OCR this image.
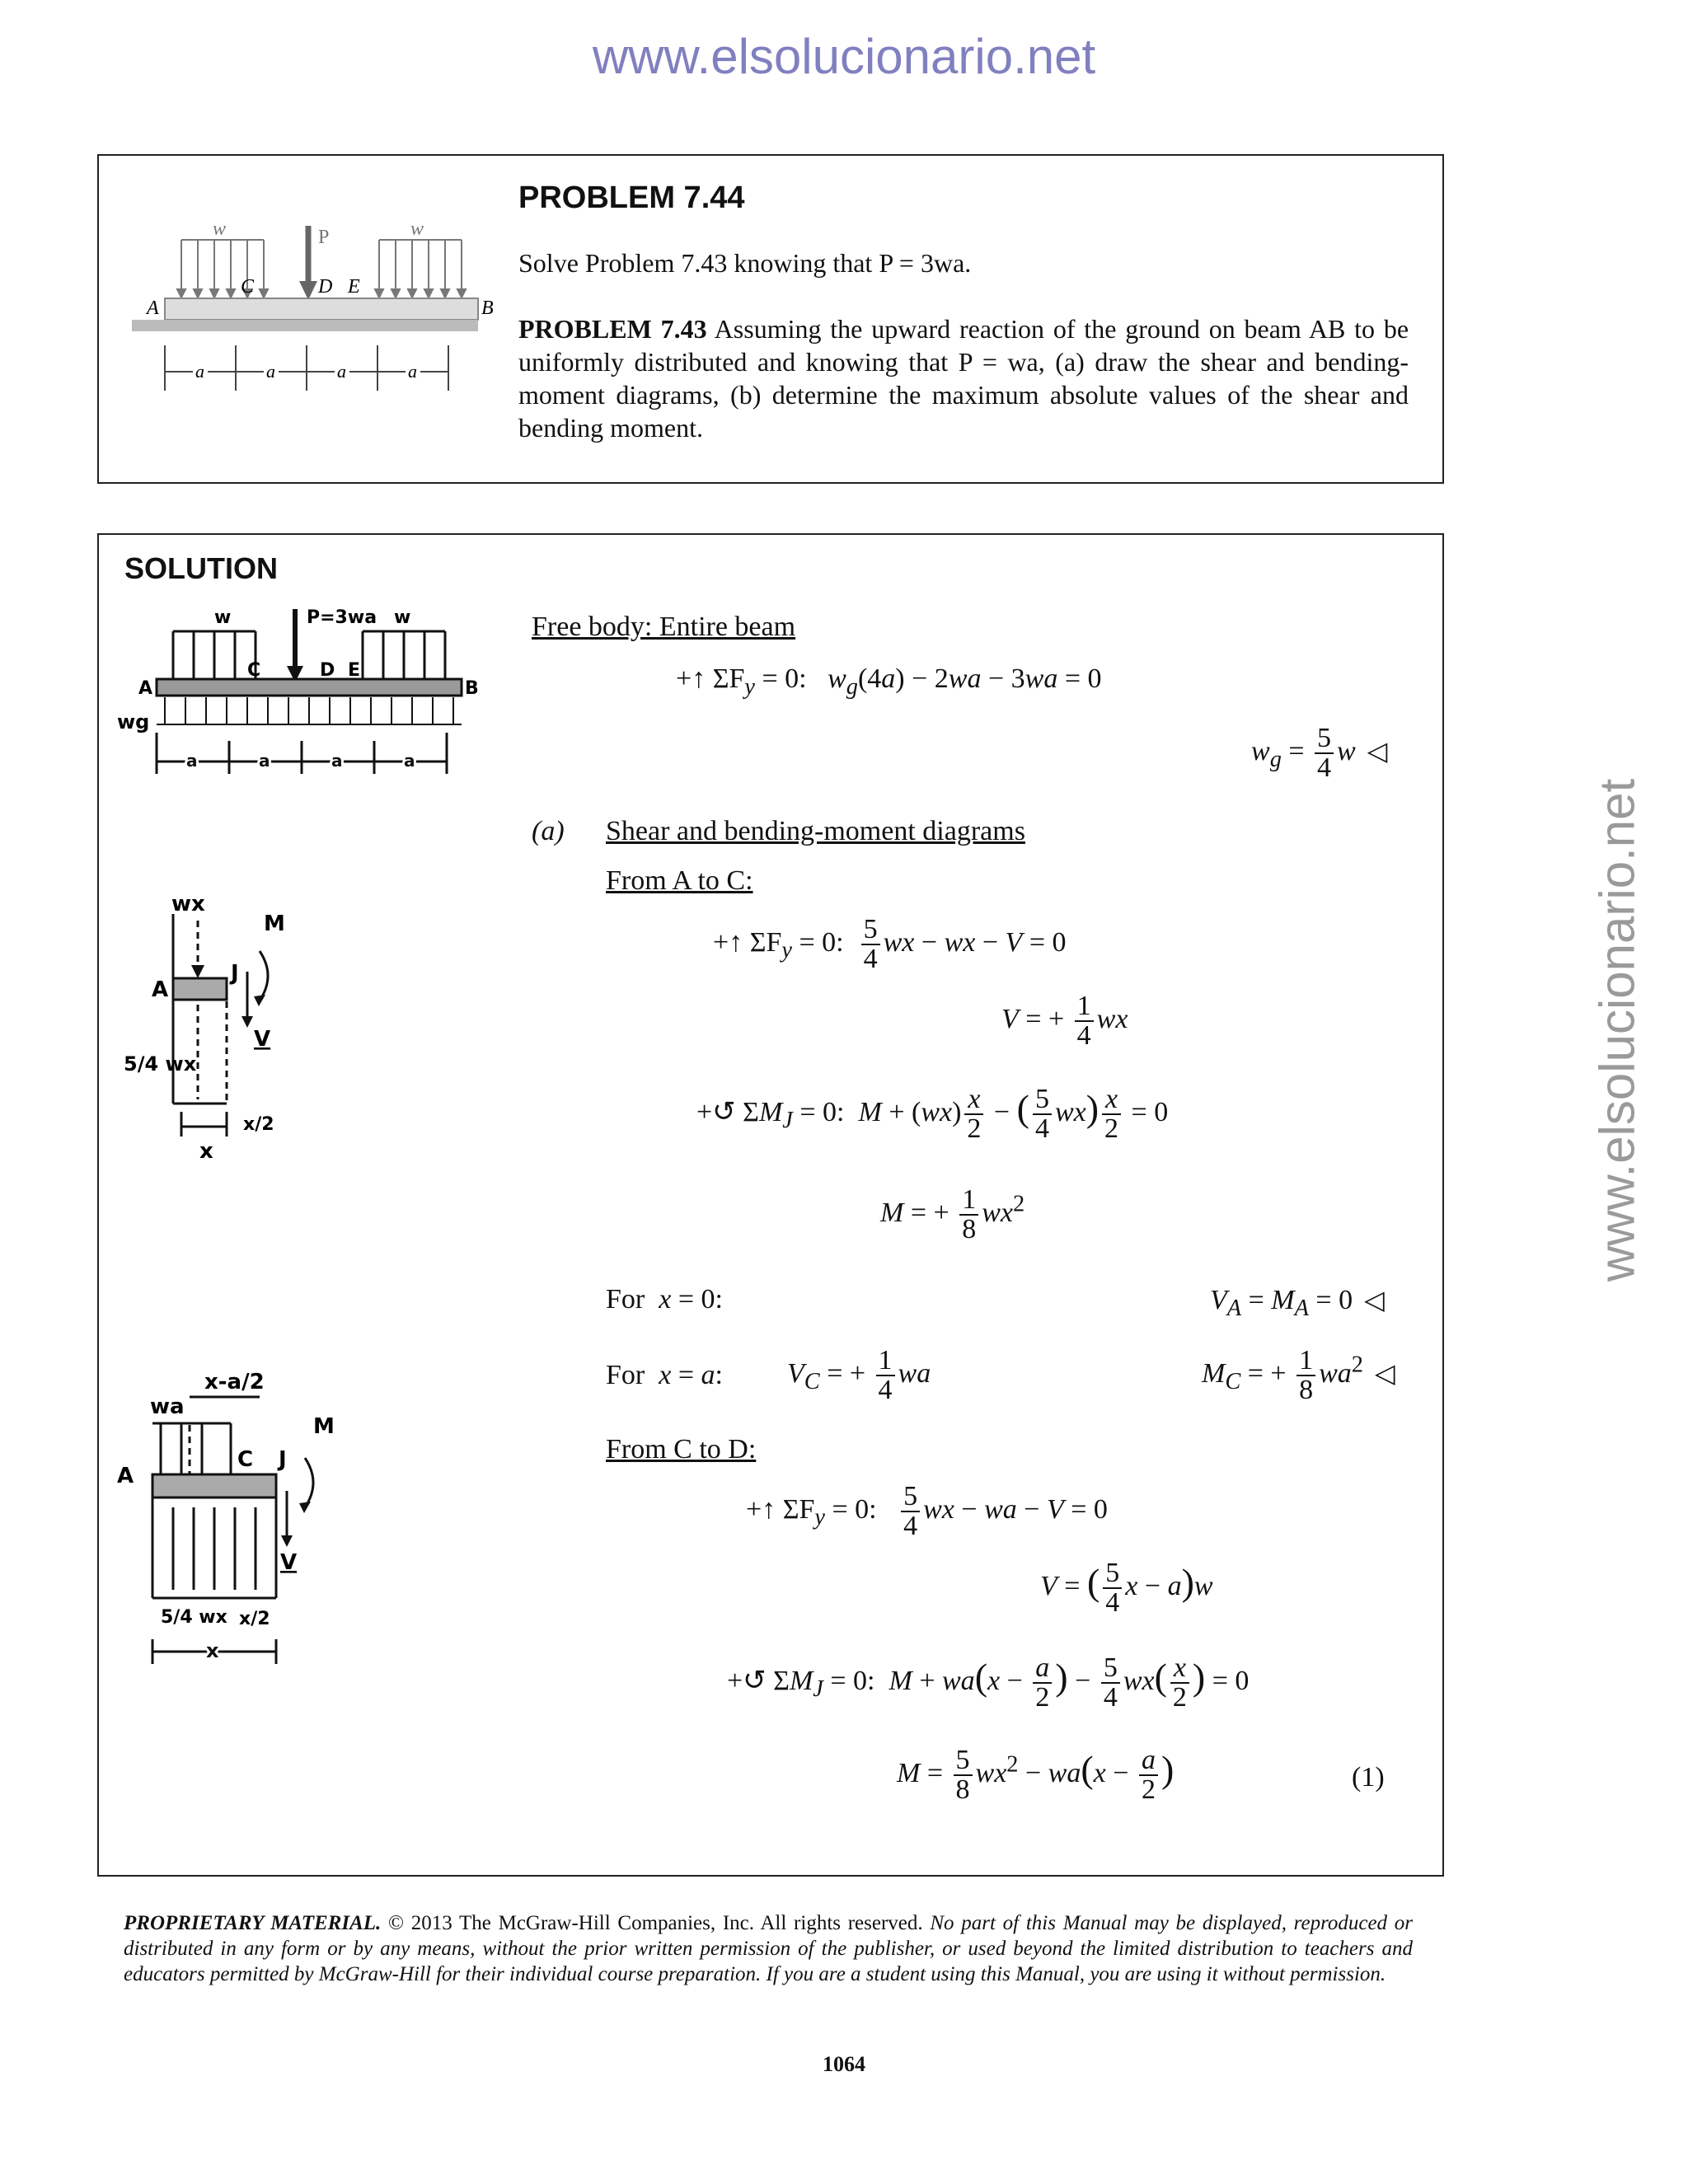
www.elsolucionario.net
www.elsolucionario.net
w	P	w
A	B
C	D E
a	a	a	a
PROBLEM 7.44
Solve Problem 7.43 knowing that P = 3wa.
PROBLEM 7.43 Assuming the upward reaction of the ground on beam AB to be uniformly distributed and knowing that P = wa, (a) draw the shear and bending-moment diagrams, (b) determine the maximum absolute values of the shear and bending moment.
SOLUTION
w	P=3wa w
A	B
C	D E
wg
a	a	a	a
wx
A
J
M
V
5/4 wx
x/2
x
wa
x-a/2
A
C J
M
V
5/4 wx x/2
x
Free body: Entire beam
+↑ $\Sigma F_y = 0$:   $w_g(4a) - 2wa - 3wa = 0$
$w_g = \frac{5}{4}$ w ◁
(a) Shear and bending-moment diagrams
From A to C:
+↑ $\Sigma F_y = 0$: $\frac{5}{4}$ wx − wx − V = 0
V = + $\frac{1}{4}$ wx
+↺ $\Sigma M_J = 0$:  $M + (wx) \frac{x}{2}$ − ( $\frac{5}{4} wx) \frac{x}{2} = 0$
M = + $\frac{1}{8} wx^2$
For x = 0:	$V_A = M_A = 0$ ◁
For x = a: $V_C$ = + $\frac{1}{4}$ wa	$M_C$ = + $\frac{1}{8} wa^2$ ◁
From C to D:
+↑ $\Sigma F_y = 0$: $\frac{5}{4}$ wx − wa − V = 0
V = ( $\frac{5}{4}$ x − a)w
+↺ $\Sigma M_J = 0$:  $M + wa(x - \frac{a}{2}$ ) − $\frac{5}{4} wx( \frac{x}{2}$ ) = 0
$M = \frac{5}{8} wx^2 - wa(x - \frac{a}{2}$ )	(1)
PROPRIETARY MATERIAL. © 2013 The McGraw-Hill Companies, Inc. All rights reserved. No part of this Manual may be displayed, reproduced or distributed in any form or by any means, without the prior written permission of the publisher, or used beyond the limited distribution to teachers and educators permitted by McGraw-Hill for their individual course preparation. If you are a student using this Manual, you are using it without permission.
1064
